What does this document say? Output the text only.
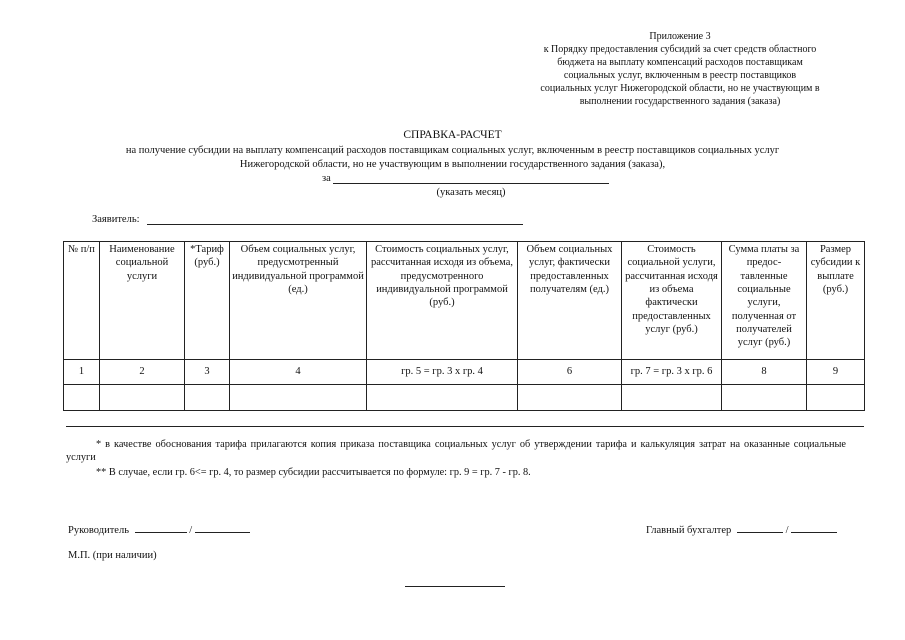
Приложение 3
к Порядку предоставления субсидий за счет средств областного
бюджета на выплату компенсаций расходов поставщикам
социальных услуг, включенным в реестр поставщиков
социальных услуг Нижегородской области, но не участвующим в
выполнении государственного задания (заказа)
СПРАВКА-РАСЧЕТ
на получение субсидии на выплату компенсаций расходов поставщикам социальных услуг, включенным в реестр поставщиков социальных услуг
Нижегородской области, но не участвующим в выполнении государственного задания (заказа),
за
(указать месяц)
Заявитель:
№ п/п	Наименование социальной услуги	*Тариф (руб.)	Объем социальных услуг, предусмотренный индивидуальной программой (ед.)	Стоимость социальных услуг, рассчитанная исходя из объема, предусмотренного индивидуальной программой (руб.)	Объем социальных услуг, фактически предоставленных получателям (ед.)	Стоимость социальной услуги, рассчитанная исходя из объема фактически предоставленных услуг (руб.)	Сумма платы за предос-тавленные социальные услуги, полученная от получателей услуг (руб.)	Размер субсидии к выплате (руб.)
1	2	3	4	гр. 5 = гр. 3 х гр. 4	6	гр. 7 = гр. 3 х гр. 6	8	9

* в качестве обоснования тарифа прилагаются копия приказа поставщика социальных услуг об утверждении тарифа и калькуляция затрат на оказанные социальные услуги
** В случае, если гр. 6<= гр. 4, то размер субсидии рассчитывается по формуле: гр. 9 = гр. 7 - гр. 8.
Руководитель	/	Главный бухгалтер	/
М.П. (при наличии)
